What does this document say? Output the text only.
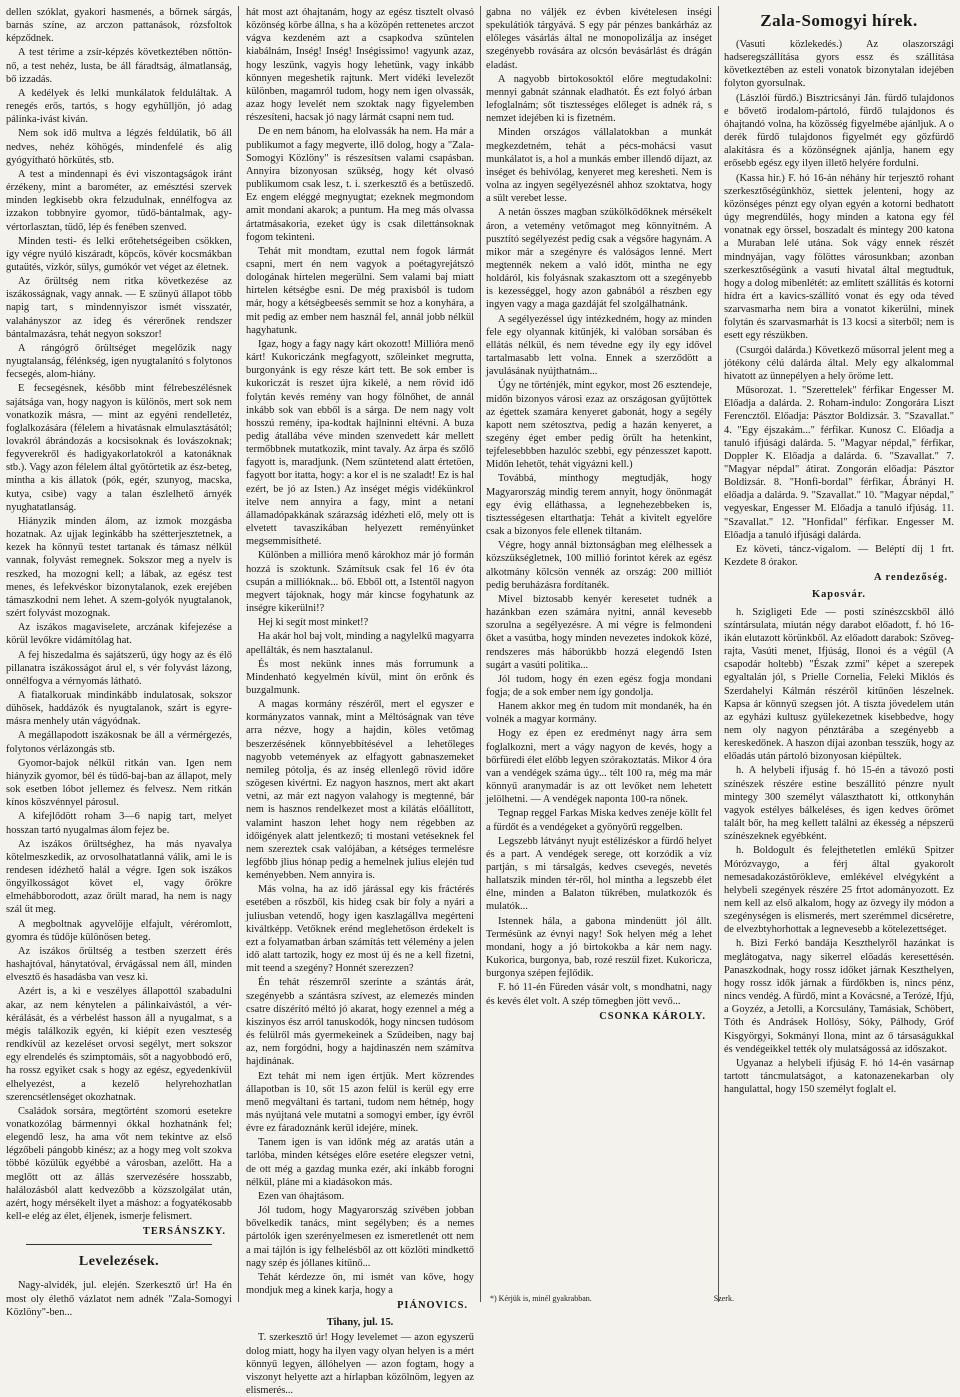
dellen szóklat, gyakori hasmenés, a bőrnek sárgás, barnás színe, az arczon pattanások, rózsfoltok képződnek.

A test térime a zsír-képzés következtében nőttön-nő, a test nehéz, lusta, be áll fáradtság, álmatlanság, bő izzadás.

A kedélyek és lelki munkálatok felduláltak. A renegés erős, tartós, s hogy egyhülljön, jó adag pálinka-ivást kiván.

Nem sok idő multva a légzés feldúlatik, bő áll nedves, nehéz köhögés, mindenfelé és alig gyógyítható hörkütés, stb.

A test a mindennapi és évi viszontagságok iránt érzékeny, mint a barométer, az emésztési szervek minden legkisebb okra felzudulnak, ennélfogva az izzakon tobbnyire gyomor, tüdő-bántalmak, agy-vértorlasztan, tüdő, lép és fenében szenved.

Minden testi- és lelki erőtehetségeiben csökken, így végre nyúló kiszáradt, köpcös, kövér kocsmákban gutaütés, vízkór, sülys, gumókór vet véget az életnek.

Az őrültség nem ritka következése az iszákosságnak, vagy annak. — E szűnyű állapot több napig tart, s mindennyiszor ismét visszatér, valahányszor az ideg és vérerőnek rendszer bántalmazásra, tehát negyon sokszor!

A rángógrő őrültséget megelőzik nagy nyugtalanság, félénkség, igen nyugtalanító s folytonos fecsegés, alom-hiány.

E fecsegésnek, később mint félrebeszélésnek sajátsága van, hogy nagyon is különös, mert sok nem vonatkozik másra, — mint az egyéni rendelletéz, foglalkozására (félelem a hivatásnak elmulasztásától; lovakról ábrándozás a kocsisoknak és lovászoknak; fegyverekről és hadigyakorlatokról a katonáknak stb.). Vagy azon félelem által gyötörtetik az ész-beteg, mintha a kis állatok (pók, egér, szunyog, macska, kutya, csibe) vagy a talan észlelhető árnyék nyughatatlanság.

Hiányzik minden álom, az izmok mozgásba hozatnak. Az ujjak leginkább ha szétterjesztetnek, a kezek ha könnyű testet tartanak és támasz nélkül vannak, folyvást remegnek. Sokszor meg a nyelv is reszked, ha mozogni kell; a lábak, az egész test menes, és lefekvéskor bizonytalanok, ezek erejében támaszkodni nem lehet. A szem-golyók nyugtalanok, szért folyvást mozognak.

Az iszákos magaviselete, arczának kifejezése a körül levőkre vidámítólag hat.

A fej hiszedalma és sajátszerű, úgy hogy az és élő pillanatra iszákosságot árul el, s vér folyvást lázong, onnélfogva a vérnyomás látható.

A fiatalkoruak mindinkább indulatosak, sokszor dühösek, haddázók és nyugtalanok, szárt is egyre-másra menhely után vágyódnak.

A megállapodott iszákosnak be áll a vérmérgezés, folytonos vérlázongás stb.

Gyomor-bajok nélkül ritkán van. Igen nem hiányzik gyomor, bél és tüdő-baj-ban az állapot, mely sok esetben lóbot jellemez és felvesz. Nem ritkán kínos köszvénnyel párosul.

A kifejlődött roham 3—6 napig tart, melyet hosszan tartó nyugalmas álom fejez be.

Az iszákos őrültséghez, ha más nyavalya kötelmeszkedik, az orvosolhatatlanná válik, ami le is rendesen idézhető halál a végre. Igen sok iszákos öngyilkosságot követ el, vagy őrökre elmehábborodott, azaz őrült marad, ha nem is nagy szál üt meg.

A megboltnak agyvelőjje elfajult, véréromlott, gyomra és tüdője különösen beteg.

Az iszákos őrültség a testben szerzett érés hashajtóval, hánytatóval, érvágással nem áll, minden elvesztő és hasadásba van vesz ki.

Azért is, a ki e veszélyes állapottól szabadulni akar, az nem kénytelen a pálinkaivástól, a vér-kérálását, és a vérbelést hasson áll a nyugalmat, s a mégis találkozik egyén, ki kiépít ezen veszteség rendkívül az kezeléset orvosi segélyt, mert sokszor egy elrendelés és szimptomáis, sőt a nagyobbodó erő, ha rossz egyiket csak s hogy az egész, egyedenkívül elhelyezést, a kezelő helyrehozhatlan szerencsétlenséget okozhatnak.

Családok sorsára, megtörtént szomorú esetekre vonatkozólag bármennyi ókkal hozhatnánk fel; elegendő lesz, ha ama vőt nem tekintve az első légzőbeli pángobb kinész; az a hogy meg volt szokva többé közülük egyébbé a városban, azelőtt. Ha a meglőtt ott az állás szervezésére hosszabb, halálozásból alatt kedvezőbb a közszolgálat után, azért, hogy mérsékelt ilyet a máshoz: a fogyatékosabb kell-e elég az élet, éljenek, ismerje felismert.

TERSÁNSZKY.
Levelezések.

Nagy-alvidék, jul. elején. Szerkesztő úr! Ha én most oly élethő vázlatot nem adnék "Zala-Somogyi Közlöny"-ben...

hát most azt óhajtanám, hogy az egész tisztelt olvasó közönség körbe állna, s ha a közöpén rettenetes arczot vágva kezdeném azt a csapkodva szüntelen kiabálnám, Inség! Inség! Inségissimo! vagyunk azaz, hogy leszünk, vagyis hogy lehetünk, vagy inkább könnyen megeshetik rajtunk. Mert vidéki levelezőt különben, magamról tudom, hogy nem igen olvassák, azaz hogy levelét nem szoktak nagy figyelemben részesíteni, hacsak jó nagy lármát csapni nem tud.

De en nem bánom, ha elolvassák ha nem. Ha már a publikumot a fagy megverte, illő dolog, hogy a "Zala-Somogyi Közlöny" is részesítsen valami csapásban. Annyira bizonyosan szükség, hogy két olvasó publikumom csak lesz, t. i. szerkesztő és a betűszedő. Ez engem eléggé megnyugtat; ezeknek megmondom amit mondani akarok; a puntum. Ha meg más olvassa ártatmásakoria, ezeket úgy is csak dilettánsoknak fogom tekinteni.

Tehát mit mondtam, ezuttal nem fogok lármát csapni, mert én nem vagyok a poétagyrejátszó dologának hírtelen megerülni. Sem valami baj miatt hirtelen kétségbe esni. De még praxisból is tudom már, hogy a kétségbeesés semmit se hoz a konyhára, a mit pedig az ember nem használ fel, annál jobb nélkül hagyhatunk.

Igaz, hogy a fagy nagy kárt okozott! Millióra menő kárt! Kukoriczánk megfagyott, szőleinket megrutta, burgonyánk is egy része kárt tett. Be sok ember is kukoriczát is reszet újra kikelé, a nem rövid idő folytán kevés remény van hogy fölnőhet, de annál inkább sok van ebből is a sárga. De nem nagy volt hosszú remény, ipa-kodtak hajlninni eltévni. A buza pedig átallába véve minden szenvedett kár mellett termőbbnek mutatkozik, mint tavaly. Az árpa és szőlő fagyott is, maradjunk. (Nem szüntetend alatt értetöen, fagyott bor itatta, hogy: a kor el is ne szaladt! Ez is hal ezért, be jó az Isten.) Az inséget mégis vidékünkrol itelve nem annyira a fagy, mint a netani államadópakkának szárazság idézheti elő, mely ott is elvetett tavaszikában helyezett reményünket megsemmisítheté.

Különben a millióra menő károkhoz már jó formán hozzá is szoktunk. Számítsuk csak fel 16 év óta csupán a millióknak... bő. Ebből ott, a Istentől nagyon megvert tájoknak, hogy már kincse fogyhatunk az inségre kikerülni!?

Hej ki segít most minket!?

Ha akár hol baj volt, minding a nagylelkű magyarra apellálták, és nem hasztalanul.

És most nekünk innes más forrumunk a Mindenható kegyelmén kívül, mint ön erőnk és buzgalmunk.

A magas kormány részéről, mert el egyszer e kormányzatos vannak, mint a Méltóságnak van téve arra nézve, hogy a hajdin, köles vetőmag beszerzésének könnyebbítésével a lehetőleges nagyobb vetemények az elfagyott gabnaszemeket nemileg pótolja, és az inség ellenlegő rövid időre szögesen kivértni. Ez nagyon hasznos, mert akt akart vetni, az már ezt nagyon valahogy is megtenné, bár nem is hasznos rendelkezet most a kilátás előállított, valamint haszon lehet hogy nem régebben az időigények alatt jelentkező; ti mostani vetéseknek fel nem szereztek csak valójában, a kétséges termelésre legfőbb jlius hónap pedig a hemelnek julius elején tud keményebben. Nem annyira is.

Más volna, ha az idő járással egy kis fráctérés esetében a rőszből, kis hideg csak bír foly a nyári a juliusban vetendő, hogy igen kaszlagállva megérteni kiváltképp. Vetőknek erénd meglehetőson érdekelt is ezt a folyamatban árban számítás tett vélemény a jelen idő alatt tartozik, hogy ez most új és ne a kell fizetni, mit teend a szegény? Honnét szerezzen?

Én tehát részemről szerinte a szántás árát, szegényebb a szántásra szívest, az elemezés minden csatre díszérító méltó jó akarat, hogy ezennel a még a kiszinyos ész arról tanuskodók, hogy nincsen tudósom és felülről más gyermekeinek a Szűdeiben, nagy baj az, nem forgódni, hogy a hajdinaszén nem számítva hajdinának.

Ezt tehát mi nem igen értjük. Mert közrendes állapotban is 10, sőt 15 azon felül is kerül egy erre menő megváltani és tartani, tudom nem hétnép, hogy más nyújtaná vele mutatni a somogyi ember, így évről évre ez fáradoznánk kerül idejére, minek.

Tanem igen is van időnk még az aratás után a tarlóba, minden kétséges előre esetére elegszer vetni, de ott még a gazdag munka ezér, aki inkább forogni nélkül, pláne mi a kiadásokon más.

Ezen van óhajtásom.

Jól tudom, hogy Magyarország szívében jobban bővelkedik tanács, mint segélyben; és a nemes pártolók igen szerényelmesen ez ismeretlenét ott nem a mai tájlón is igy felhelésből az ott közlöti mindkettő nagy szép és jóllanes kitűnő...

Tehát kérdezze ön, mi ismét van kőve, hogy mondjuk meg a kinek karja, hogy a

PIÁNOVICS.
Tihany, jul. 15.

T. szerkesztő úr! Hogy levelemet — azon egyszerű dolog miatt, hogy ha ilyen vagy olyan helyen is a mért könnyű legyen, állóhelyen — azon fogtam, hogy a viszonyt helyette azt a hírlapban közölnöm, legyen az elismerés...

gabna no váljék ez évben kivételesen inségi spekulátiók tárgyává. S egy pár pénzes bankárház az előleges vásárlás által ne monopolizálja az inséget szegényebb rovására az olcsón bevásárlást és drágán eladást.

A nagyobb birtokosoktól előre megtudakolni: mennyi gabnát szánnak eladhatót. És ezt folyó árban lefoglalnám; sőt tisztességes előleget is adnék rá, s nemzet idejében ki is fizetném.

Minden országos vállalatokban a munkát megkezdetném, tehát a pécs-mohácsi vasut munkálatot is, a hol a munkás ember illendő díjazt, az inséget és behivólag, kenyeret meg keresheti. Nem is volna az ingyen segélyezésnél ahhoz szoktatva, hogy a sült verebet lesse.

A netán összes magban szükölködőknek mérsékelt áron, a vetemény vetőmagot meg könnyítném. A pusztító segélyezést pedig csak a végsőre hagynám. A mikor már a szegényre és valóságos lenné. Mert megtennék nekem a való időt, mintha ne egy holdáról, kis folyásnak szakasztom ott a szegényebb is kezességgel, hogy azon gabnából a részben egy ingyen vagy a maga gazdáját fel szolgálhatnánk.

A segélyezéssel úgy intézkedném, hogy az minden fele egy olyannak kitűnjék, ki valóban sorsában és ellátás nélkül, és nem tévedne egy ily egy idővel tartalmasabb lett volna. Ennek a szerződött a javulásának nyújthatnám...

Úgy ne történjék, mint egykor, most 26 esztendeje, midőn bizonyos városi ezaz az országosan gyűjtöttek az égettek szamára kenyeret gabonát, hogy a segély kapott nem szétosztva, pedig a hazán kenyeret, a szegény éget ember pedig örült ha hetenkint, tejfelesebbben hazulóc szebbi, egy pénzesszet kapott. Midőn lehetőt, tehát vigyázni kell.)

Továbbá, minthogy megtudják, hogy Magyarország mindig terem annyit, hogy önönmagát egy évig elláthassa, a legnehezebbeken is, tisztességesen eltarthatja: Tehát a kivitelt egyelőre csak a bizonyos fele ellenek tiltanám.

Végre, hogy annál biztonságban meg elélhessek a közszükségletnek, 100 millió forintot kérek az egész alkotmány kölcsön vennék az ország: 200 milliót pedig beruházásra fordítanék.

Mivel biztosabb kenyér keresetet tudnék a hazánkban ezen számára nyitni, annál kevesebb szorulna a segélyezésre. A mi végre is felmondeni őket a vasútba, hogy minden nevezetes indokok közé, rendszeres más háborúkbb hozzá elegendő Isten sugárt a vasúti politika...

Jól tudom, hogy én ezen egész fogja mondani fogja; de a sok ember nem így gondolja.

Hanem akkor meg én tudom mit mondanék, ha én volnék a magyar kormány.

Hogy ez épen ez eredményt nagy árra sem foglalkozni, mert a vágy nagyon de kevés, hogy a bőrfüredi élet előbb legyen szórakoztatás. Mikor 4 óra van a vendégek száma úgy... télt 100 ra, még ma már könnyű aranymadár is az ott levőket nem lehetett jelölhetni. — A vendégek naponta 100-ra nőnek.

Tegnap reggel Farkas Miska kedves zenéje köllt fel a fürdőt és a vendégeket a gyönyörű reggelben.

Legszebb látványt nyujt estélizéskor a fürdő helyet és a part. A vendégek serege, ott korzódik a víz partján, s mi társalgás, kedves csevegés, nevetés hallatszik minden tér-ről, hol mintha a legszebb élet élne, minden a Balaton tükrében, mulatkozók és mulatók...

Istennek hála, a gabona mindenütt jól állt. Termésünk az évnyi nagy! Sok helyen még a lehet mondani, hogy a jó birtokokba a kár nem nagy. Kukorica, burgonya, bab, rozé reszül fizet. Kukoricza, burgonya szépen fejlődik.

F. hó 11-én Füreden vásár volt, s mondhatni, nagy és kevés élet volt. A szép tömegben jött vevő...

CSONKA KÁROLY.
Zala-Somogyi hírek.

(Vasuti közlekedés.) Az olaszországi hadseregszállítása gyors essz és szállítása következtében az esteli vonatok bizonytalan idejében folyton gyorsulnak.

(Lászlói fürdő.) Bisztricsányi Ján. fürdő tulajdonos e bővető irodalom-pártoló, fürdő tulajdonos és óhajtandó volna, ha közösség figyelmébe ajánljuk. A o derék fürdő tulajdonos figyelmét egy gőzfürdő alakításra és a közönségnek ajánlja, hanem egy erősebb egész egy ilyen illető helyére fordulni.

(Kassa hir.) F. hó 16-án néhány hír terjesztő rohant szerkesztőségünkhöz, siettek jelenteni, hogy az közönséges pénzt egy olyan egyén a kotorni bedhatott úgy megrendülés, hogy minden a katona egy fél vonatnak egy örssel, boszadalt és mintegy 200 katona a Muraban lelé utána. Sok vágy ennek részét mindnyájan, vagy fölöttes városunkban; azonban szerkesztőségünk a vasuti hivatal által megtudtuk, hogy a dolog mibenlétét: az említett szállítás és kotorni hídra ért a kavics-szállító vonat és egy oda téved szarvasmarha nem bira a vonatot kikerülni, minek folytán és szarvasmarhát is 13 kocsi a siterből; nem is esett egy részükben.

(Csurgói dalárda.) Következő műsorral jelent meg a jótékony célú dalárda által. Mely egy alkalommal hivatott az ünnepélyen a hely öröme lett.

Műsorozat. 1. "Szerettelek" férfikar Engesser M. Előadja a dalárda. 2. Roham-indulo: Zongorára Liszt Ferencztől. Előadja: Pásztor Boldizsár. 3. "Szavallat." 4. "Egy éjszakám..." férfikar. Kunosz C. Előadja a tanuló ifjúsági dalárda. 5. "Magyar népdal," férfikar, Doppler K. Előadja a dalárda. 6. "Szavallat." 7. "Magyar népdal" átirat. Zongorán előadja: Pásztor Boldizsár. 8. "Honfi-bordal" férfikar, Ábrányi H. előadja a dalárda. 9. "Szavallat." 10. "Magyar népdal," vegyeskar, Engesser M. Előadja a tanuló ifjúság. 11. "Szavallat." 12. "Honfidal" férfikar. Engesser M. Előadja a tanuló ifjúsági dalárda.

Ez követi, táncz-vigalom. — Beléptí díj 1 frt. Kezdete 8 órakor.

A rendezőség.
Kaposvár.

h. Szigligeti Ede — posti színészcskből álló színtársulata, miután négy darabot előadott, f. hó 16-ikán elutazott körünkből. Az előadott darabok: Szöveg-rajta, Vasúti menet, Ifjúság, Ilonoi és a végül (A csapodár holtebb) "Észak zzmi" képet a szerepek egyaltalán jól, s Prielle Cornelia, Feleki Miklós és Szerdahelyi Kálmán részéről kitűnően lészelnek. Kapsa ár könnyű szegsen jót. A tiszta jövedelem után az egyházi kultusz gyülekezetnek kisebbedve, hogy nem oly nagyon pénztárába a szegényebb a kereskedőnek. A haszon díjai azonban tesszük, hogy az előadás után pártoló bizonyosan kiépültek.

h. A helybeli ifjuság f. hó 15-én a távozó posti színészek részére estine beszállító pénzre nyult mintegy 300 személyt választhatott ki, ottkonyhán vagyok estélyes bálkeléses, és igen kedves örömet talált bőr, ha meg kellett találni az ékesség a népszerű színészeknek egyébként.

h. Boldogult és felejthetetlen emlékű Spitzer Mórózvaygo, a férj által gyakorolt nemesadakozástörökleve, emlékével elvégyként a helybeli szegények részére 25 frtot adományozott. Ez nem kell az első alkalom, hogy az özvegy ily módon a szegénységen is elismerés, mert szerémmel dicséretre, de elvezbtyhorhottak a legnevesebb a kötelezettséget.

h. Bizi Ferkó bandája Keszthelyről hazánkat is meglátogatva, nagy sikerrel előadás keresettésén. Panaszkodnak, hogy rossz időket járnak Keszthelyen, hogy rossz idők járnak a fürdőkben is, nincs pénz, nincs vendég. A fürdő, mint a Kovácsné, a Terózé, Ifjú, a Goyzéz, a Jetolli, a Korcsulány, Tamásiak, Schöbert, Tóth és Andrásek Hollósy, Sóky, Pálhody, Gróf Kisgyörgyi, Sokmányi Ilona, mint az ő társaságukkal és vendégeikkel tették oly mulatságossá az időszakot.

Ugyanaz a helybeli ifjúság F. hó 14-én vasárnap tartott táncmulatságot, a katonazenekarban oly hangulattal, hogy 150 személyt foglalt el.

*) Kérjük is, minél gyakrabban.	Szerk.
